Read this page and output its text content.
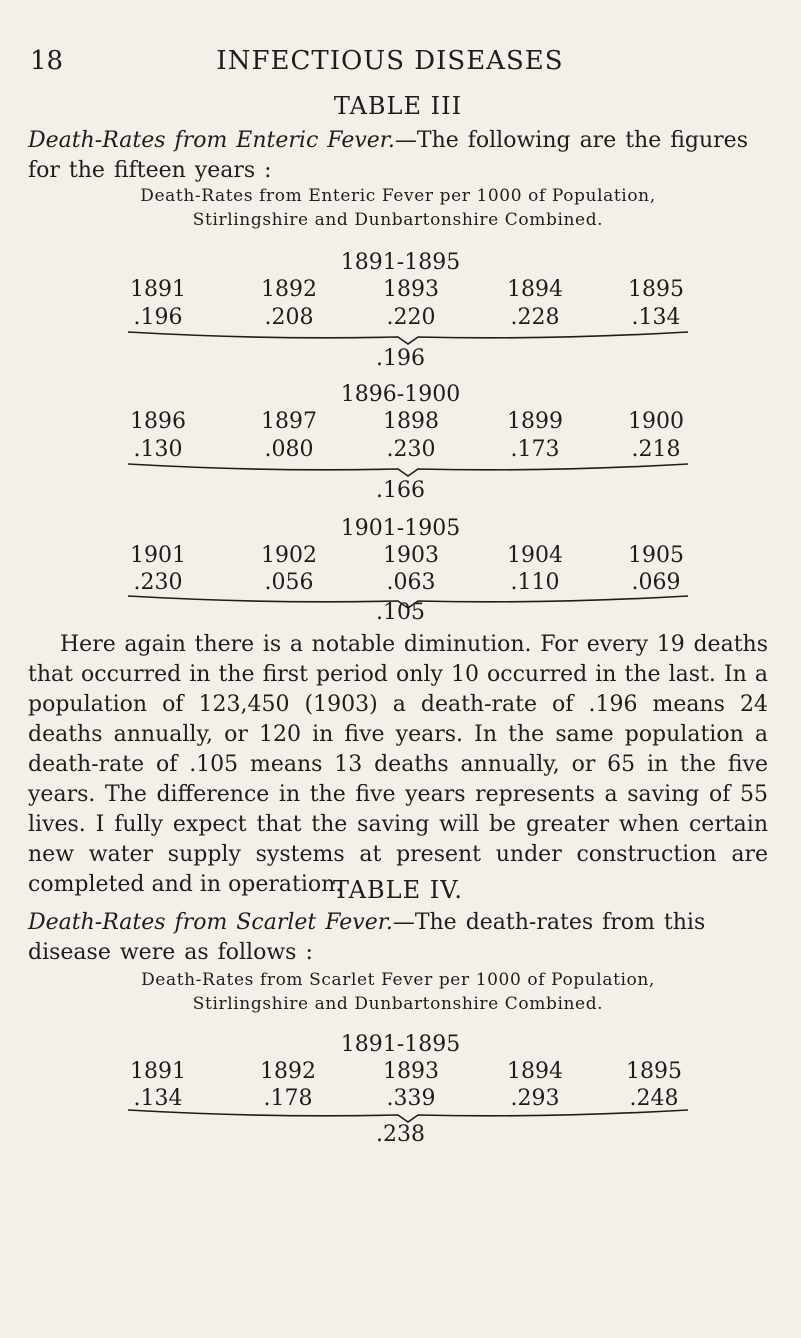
18	INFECTIOUS DISEASES
TABLE III
Death-Rates from Enteric Fever.—The following are the figures for the fifteen years :
Death-Rates from Enteric Fever per 1000 of Population,
Stirlingshire and Dunbartonshire Combined.
1891-1895
1891	1892	1893	1894	1895
.196	.208	.220	.228	.134
.196
1896-1900
1896	1897	1898	1899	1900
.130	.080	.230	.173	.218
.166
1901-1905
1901	1902	1903	1904	1905
.230	.056	.063	.110	.069
.105
Here again there is a notable diminution. For every 19 deaths that occurred in the first period only 10 occurred in the last. In a population of 123,450 (1903) a death-rate of .196 means 24 deaths annually, or 120 in five years. In the same population a death-rate of .105 means 13 deaths annually, or 65 in the five years. The difference in the five years represents a saving of 55 lives. I fully expect that the saving will be greater when certain new water supply systems at present under construction are completed and in operation.
TABLE IV.
Death-Rates from Scarlet Fever.—The death-rates from this disease were as follows :
Death-Rates from Scarlet Fever per 1000 of Population,
Stirlingshire and Dunbartonshire Combined.
1891-1895
1891	1892	1893	1894	1895
.134	.178	.339	.293	.248
.238
